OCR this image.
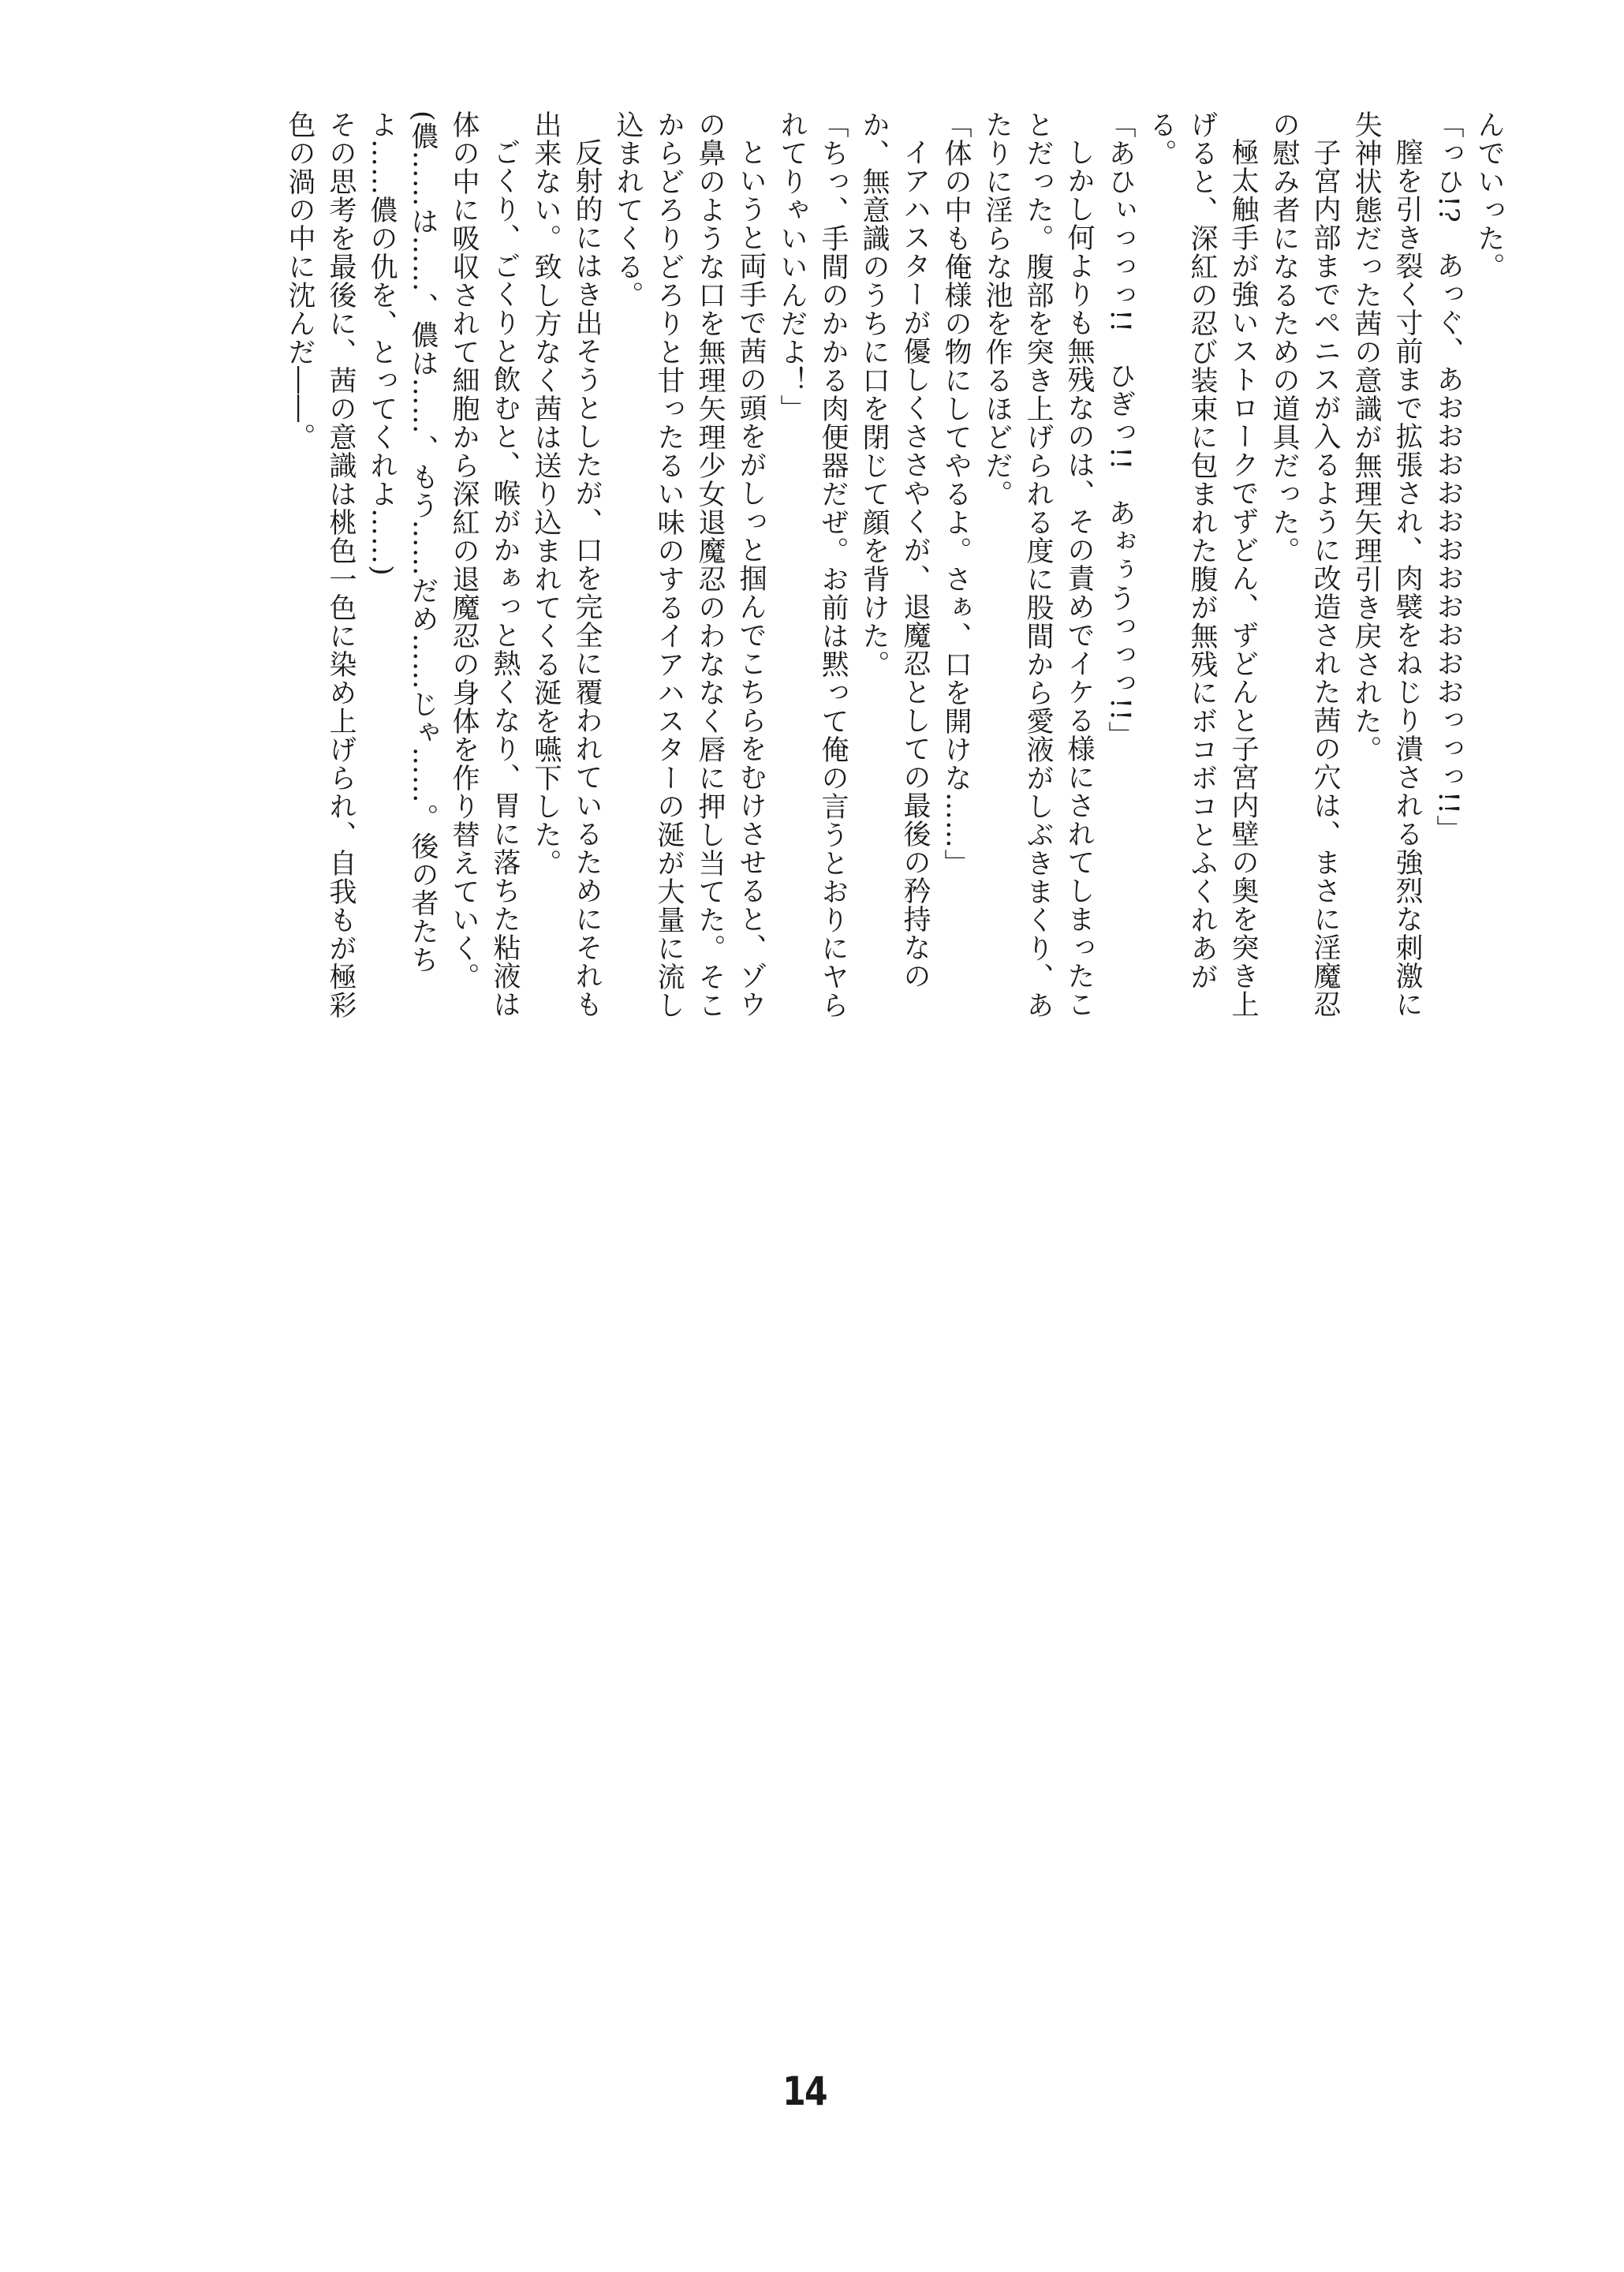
んでいった。

「っひ!?　あっぐ、あおおおおおおおおおおおっっっ!!」

膣を引き裂く寸前まで拡張され、肉襞をねじり潰される強烈な刺激に失神状態だった茜の意識が無理矢理引き戻された。

子宮内部までペニスが入るように改造された茜の穴は、まさに淫魔忍の慰み者になるための道具だった。

極太触手が強いストロークでずどん、ずどんと子宮内壁の奥を突き上げると、深紅の忍び装束に包まれた腹が無残にボコボコとふくれあがる。

「あひぃっっっ!!　ひぎっ!!　あぉぅうっっっ!!」

しかし何よりも無残なのは、その責めでイケる様にされてしまったことだった。腹部を突き上げられる度に股間から愛液がしぶきまくり、あたりに淫らな池を作るほどだ。

「体の中も俺様の物にしてやるよ。さぁ、口を開けな……」

イアハスターが優しくささやくが、退魔忍としての最後の矜持なのか、無意識のうちに口を閉じて顔を背けた。

「ちっ、手間のかかる肉便器だぜ。お前は黙って俺の言うとおりにヤられてりゃいいんだよ！」

というと両手で茜の頭をがしっと掴んでこちらをむけさせると、ゾウの鼻のような口を無理矢理少女退魔忍のわななく唇に押し当てた。そこからどろりどろりと甘ったるい味のするイアハスターの涎が大量に流し込まれてくる。

反射的にはき出そうとしたが、口を完全に覆われているためにそれも出来ない。致し方なく茜は送り込まれてくる涎を嚥下した。

ごくり、ごくりと飲むと、喉がかぁっと熱くなり、胃に落ちた粘液は体の中に吸収されて細胞から深紅の退魔忍の身体を作り替えていく。

(儂……は……、儂は……、もう……だめ……じゃ……。後の者たちよ……儂の仇を、とってくれよ……)

その思考を最後に、茜の意識は桃色一色に染め上げられ、自我もが極彩色の渦の中に沈んだ――。

14
